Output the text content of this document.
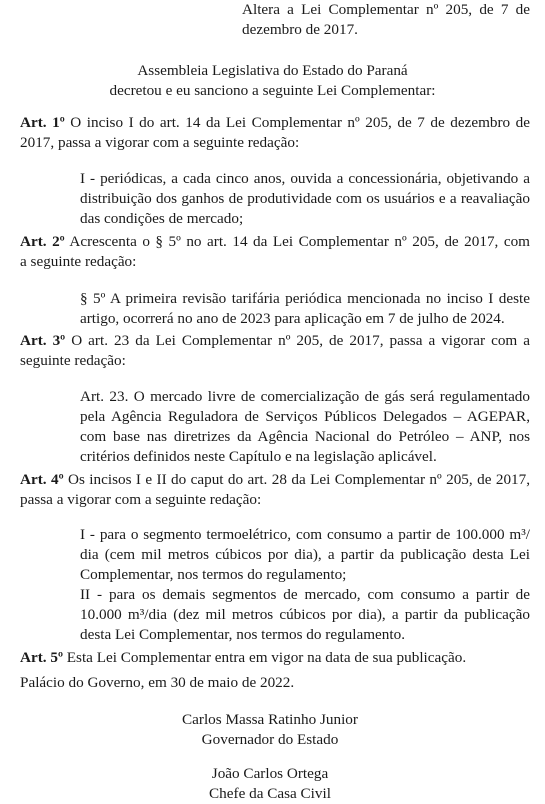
Altera a Lei Complementar nº 205, de 7 de
dezembro de 2017.
Assembleia Legislativa do Estado do Paraná
decretou e eu sanciono a seguinte Lei Complementar:
Art. 1º O inciso I do art. 14 da Lei Complementar nº 205, de 7 de dezembro de
2017, passa a vigorar com a seguinte redação:
I - periódicas, a cada cinco anos, ouvida a concessionária, objetivando a
distribuição dos ganhos de produtividade com os usuários e a reavaliação
das condições de mercado;
Art. 2º Acrescenta o § 5º no art. 14 da Lei Complementar nº 205, de 2017, com
a seguinte redação:
§ 5º A primeira revisão tarifária periódica mencionada no inciso I deste
artigo, ocorrerá no ano de 2023 para aplicação em 7 de julho de 2024.
Art. 3º O art. 23 da Lei Complementar nº 205, de 2017, passa a vigorar com a
seguinte redação:
Art. 23. O mercado livre de comercialização de gás será regulamentado
pela Agência Reguladora de Serviços Públicos Delegados – AGEPAR,
com base nas diretrizes da Agência Nacional do Petróleo – ANP, nos
critérios definidos neste Capítulo e na legislação aplicável.
Art. 4º Os incisos I e II do caput do art. 28 da Lei Complementar nº 205, de 2017,
passa a vigorar com a seguinte redação:
I - para o segmento termoelétrico, com consumo a partir de 100.000 m³/
dia (cem mil metros cúbicos por dia), a partir da publicação desta Lei
Complementar, nos termos do regulamento;
II - para os demais segmentos de mercado, com consumo a partir de
10.000 m³/dia (dez mil metros cúbicos por dia), a partir da publicação
desta Lei Complementar, nos termos do regulamento.
Art. 5º Esta Lei Complementar entra em vigor na data de sua publicação.
Palácio do Governo, em 30 de maio de 2022.
Carlos Massa Ratinho Junior
Governador do Estado
João Carlos Ortega
Chefe da Casa Civil
